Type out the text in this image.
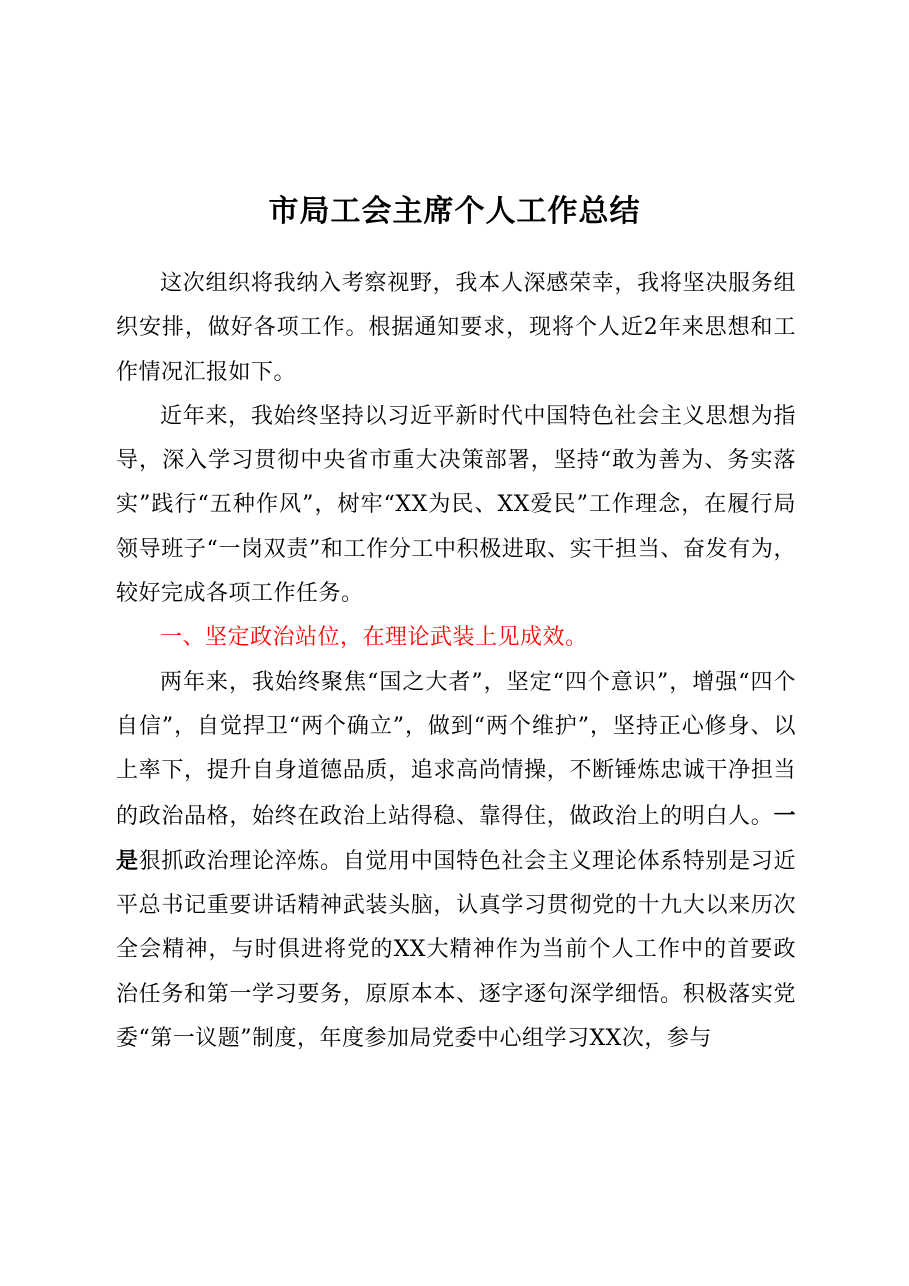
市局工会主席个人工作总结

这次组织将我纳入考察视野，我本人深感荣幸，我将坚决服务组织安排，做好各项工作。根据通知要求，现将个人近2年来思想和工作情况汇报如下。

近年来，我始终坚持以习近平新时代中国特色社会主义思想为指导，深入学习贯彻中央省市重大决策部署，坚持“敢为善为、务实落实”践行“五种作风”，树牢“XX为民、XX爱民”工作理念，在履行局领导班子“一岗双责”和工作分工中积极进取、实干担当、奋发有为，较好完成各项工作任务。

一、坚定政治站位，在理论武装上见成效。

两年来，我始终聚焦“国之大者”，坚定“四个意识”，增强“四个自信”，自觉捍卫“两个确立”，做到“两个维护”，坚持正心修身、以上率下，提升自身道德品质，追求高尚情操，不断锤炼忠诚干净担当的政治品格，始终在政治上站得稳、靠得住，做政治上的明白人。一是狠抓政治理论淬炼。自觉用中国特色社会主义理论体系特别是习近平总书记重要讲话精神武装头脑，认真学习贯彻党的十九大以来历次全会精神，与时俱进将党的XX大精神作为当前个人工作中的首要政治任务和第一学习要务，原原本本、逐字逐句深学细悟。积极落实党委“第一议题”制度，年度参加局党委中心组学习XX次，参与
